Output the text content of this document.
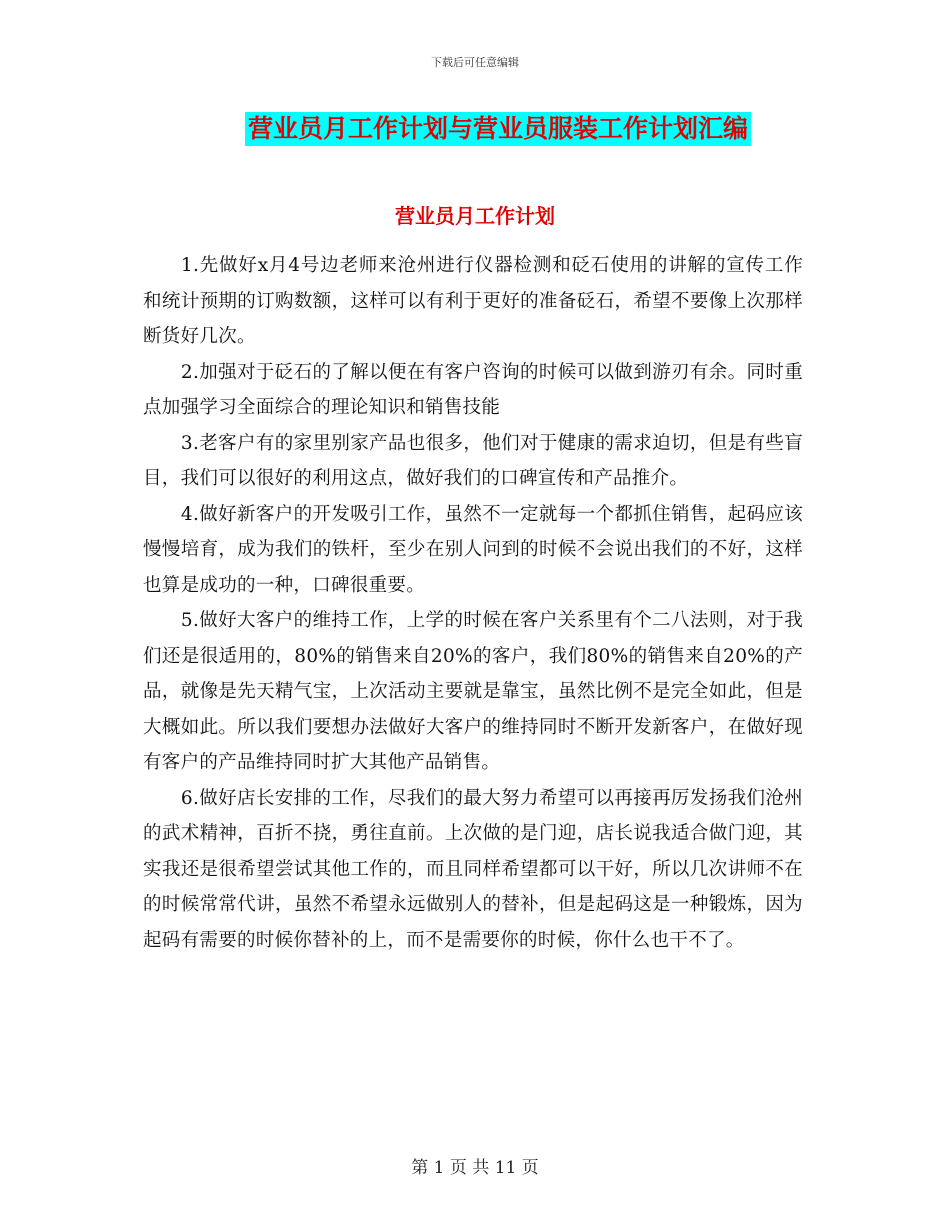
下载后可任意编辑
营业员月工作计划与营业员服装工作计划汇编
营业员月工作计划

1.先做好x月4号边老师来沧州进行仪器检测和砭石使用的讲解的宣传工作和统计预期的订购数额，这样可以有利于更好的准备砭石，希望不要像上次那样断货好几次。

2.加强对于砭石的了解以便在有客户咨询的时候可以做到游刃有余。同时重点加强学习全面综合的理论知识和销售技能

3.老客户有的家里别家产品也很多，他们对于健康的需求迫切，但是有些盲目，我们可以很好的利用这点，做好我们的口碑宣传和产品推介。

4.做好新客户的开发吸引工作，虽然不一定就每一个都抓住销售，起码应该慢慢培育，成为我们的铁杆，至少在别人问到的时候不会说出我们的不好，这样也算是成功的一种，口碑很重要。

5.做好大客户的维持工作，上学的时候在客户关系里有个二八法则，对于我们还是很适用的，80%的销售来自20%的客户，我们80%的销售来自20%的产品，就像是先天精气宝，上次活动主要就是靠宝，虽然比例不是完全如此，但是大概如此。所以我们要想办法做好大客户的维持同时不断开发新客户，在做好现有客户的产品维持同时扩大其他产品销售。

6.做好店长安排的工作，尽我们的最大努力希望可以再接再厉发扬我们沧州的武术精神，百折不挠，勇往直前。上次做的是门迎，店长说我适合做门迎，其实我还是很希望尝试其他工作的，而且同样希望都可以干好，所以几次讲师不在的时候常常代讲，虽然不希望永远做别人的替补，但是起码这是一种锻炼，因为起码有需要的时候你替补的上，而不是需要你的时候，你什么也干不了。

第 1 页 共 11 页
